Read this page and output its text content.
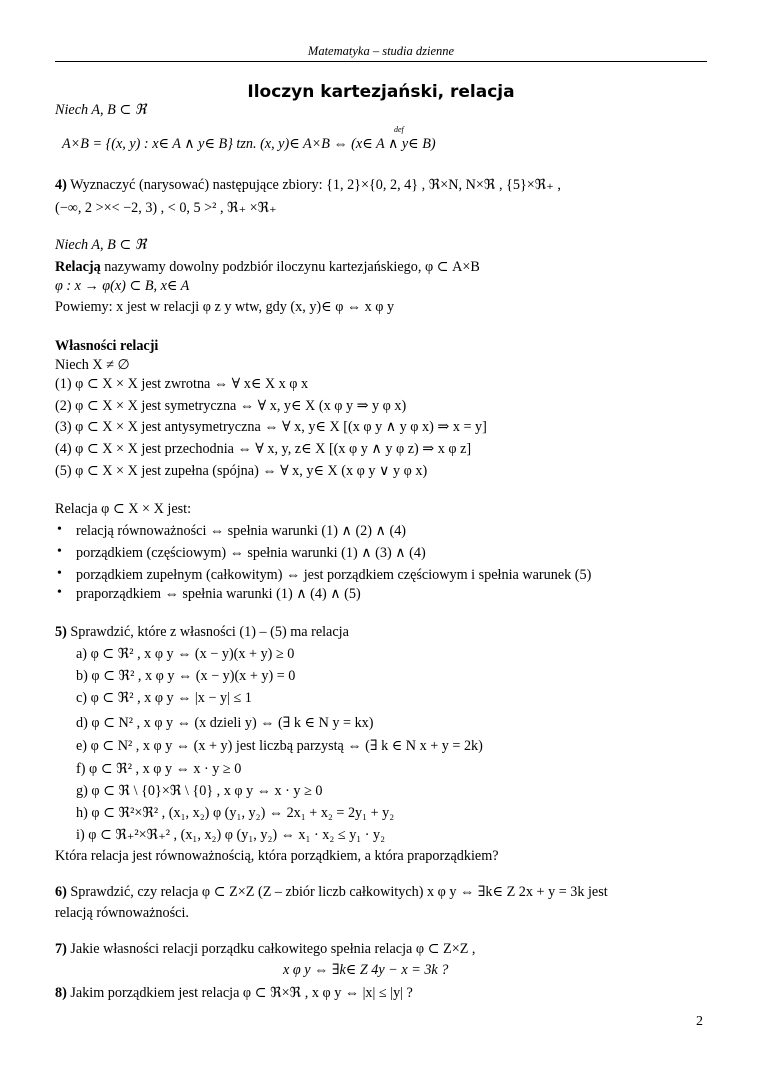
Matematyka – studia dzienne
Iloczyn kartezjański, relacja
Niech A, B ⊂ ℜ
def
A×B = {(x, y) : x∈ A ∧ y∈ B} tzn. (x, y)∈ A×B ⇔ (x∈ A ∧ y∈ B)
4) Wyznaczyć (narysować) następujące zbiory: {1, 2}×{0, 2, 4} , ℜ×N, N×ℜ , {5}×ℜ₊ ,
(−∞, 2 >×< −2, 3) , < 0, 5 >² , ℜ₊ ×ℜ₊
Niech A, B ⊂ ℜ
Relacją nazywamy dowolny podzbiór iloczynu kartezjańskiego, φ ⊂ A×B
φ : x → φ(x) ⊂ B, x∈ A
Powiemy: x jest w relacji φ z y wtw, gdy (x, y)∈ φ ⇔ x φ y
Własności relacji
Niech X ≠ ∅
(1) φ ⊂ X × X jest zwrotna ⇔ ∀ x∈ X x φ x
(2) φ ⊂ X × X jest symetryczna ⇔ ∀ x, y∈ X (x φ y ⇒ y φ x)
(3) φ ⊂ X × X jest antysymetryczna ⇔ ∀ x, y∈ X [(x φ y ∧ y φ x) ⇒ x = y]
(4) φ ⊂ X × X jest przechodnia ⇔ ∀ x, y, z∈ X [(x φ y ∧ y φ z) ⇒ x φ z]
(5) φ ⊂ X × X jest zupełna (spójna) ⇔ ∀ x, y∈ X (x φ y ∨ y φ x)
Relacja φ ⊂ X × X jest:
• relacją równoważności ⇔ spełnia warunki (1) ∧ (2) ∧ (4)
• porządkiem (częściowym) ⇔ spełnia warunki (1) ∧ (3) ∧ (4)
• porządkiem zupełnym (całkowitym) ⇔ jest porządkiem częściowym i spełnia warunek (5)
• praporządkiem ⇔ spełnia warunki (1) ∧ (4) ∧ (5)
5) Sprawdzić, które z własności (1) – (5) ma relacja
a) φ ⊂ ℜ² , x φ y ⇔ (x − y)(x + y) ≥ 0
b) φ ⊂ ℜ² , x φ y ⇔ (x − y)(x + y) = 0
c) φ ⊂ ℜ² , x φ y ⇔ |x − y| ≤ 1
d) φ ⊂ N² , x φ y ⇔ (x dzieli y) ⇔ (∃ k ∈ N y = kx)
e) φ ⊂ N² , x φ y ⇔ (x + y) jest liczbą parzystą ⇔ (∃ k ∈ N x + y = 2k)
f) φ ⊂ ℜ² , x φ y ⇔ x · y ≥ 0
g) φ ⊂ ℜ \ {0}×ℜ \ {0} , x φ y ⇔ x · y ≥ 0
h) φ ⊂ ℜ²×ℜ² , (x₁, x₂) φ (y₁, y₂) ⇔ 2x₁ + x₂ = 2y₁ + y₂
i) φ ⊂ ℜ₊²×ℜ₊² , (x₁, x₂) φ (y₁, y₂) ⇔ x₁ · x₂ ≤ y₁ · y₂
Która relacja jest równoważnością, która porządkiem, a która praporządkiem?
6) Sprawdzić, czy relacja φ ⊂ Z×Z (Z – zbiór liczb całkowitych) x φ y ⇔ ∃k∈ Z 2x + y = 3k jest
relacją równoważności.
7) Jakie własności relacji porządku całkowitego spełnia relacja φ ⊂ Z×Z ,
x φ y ⇔ ∃k∈ Z 4y − x = 3k ?
8) Jakim porządkiem jest relacja φ ⊂ ℜ×ℜ , x φ y ⇔ |x| ≤ |y| ?
2
